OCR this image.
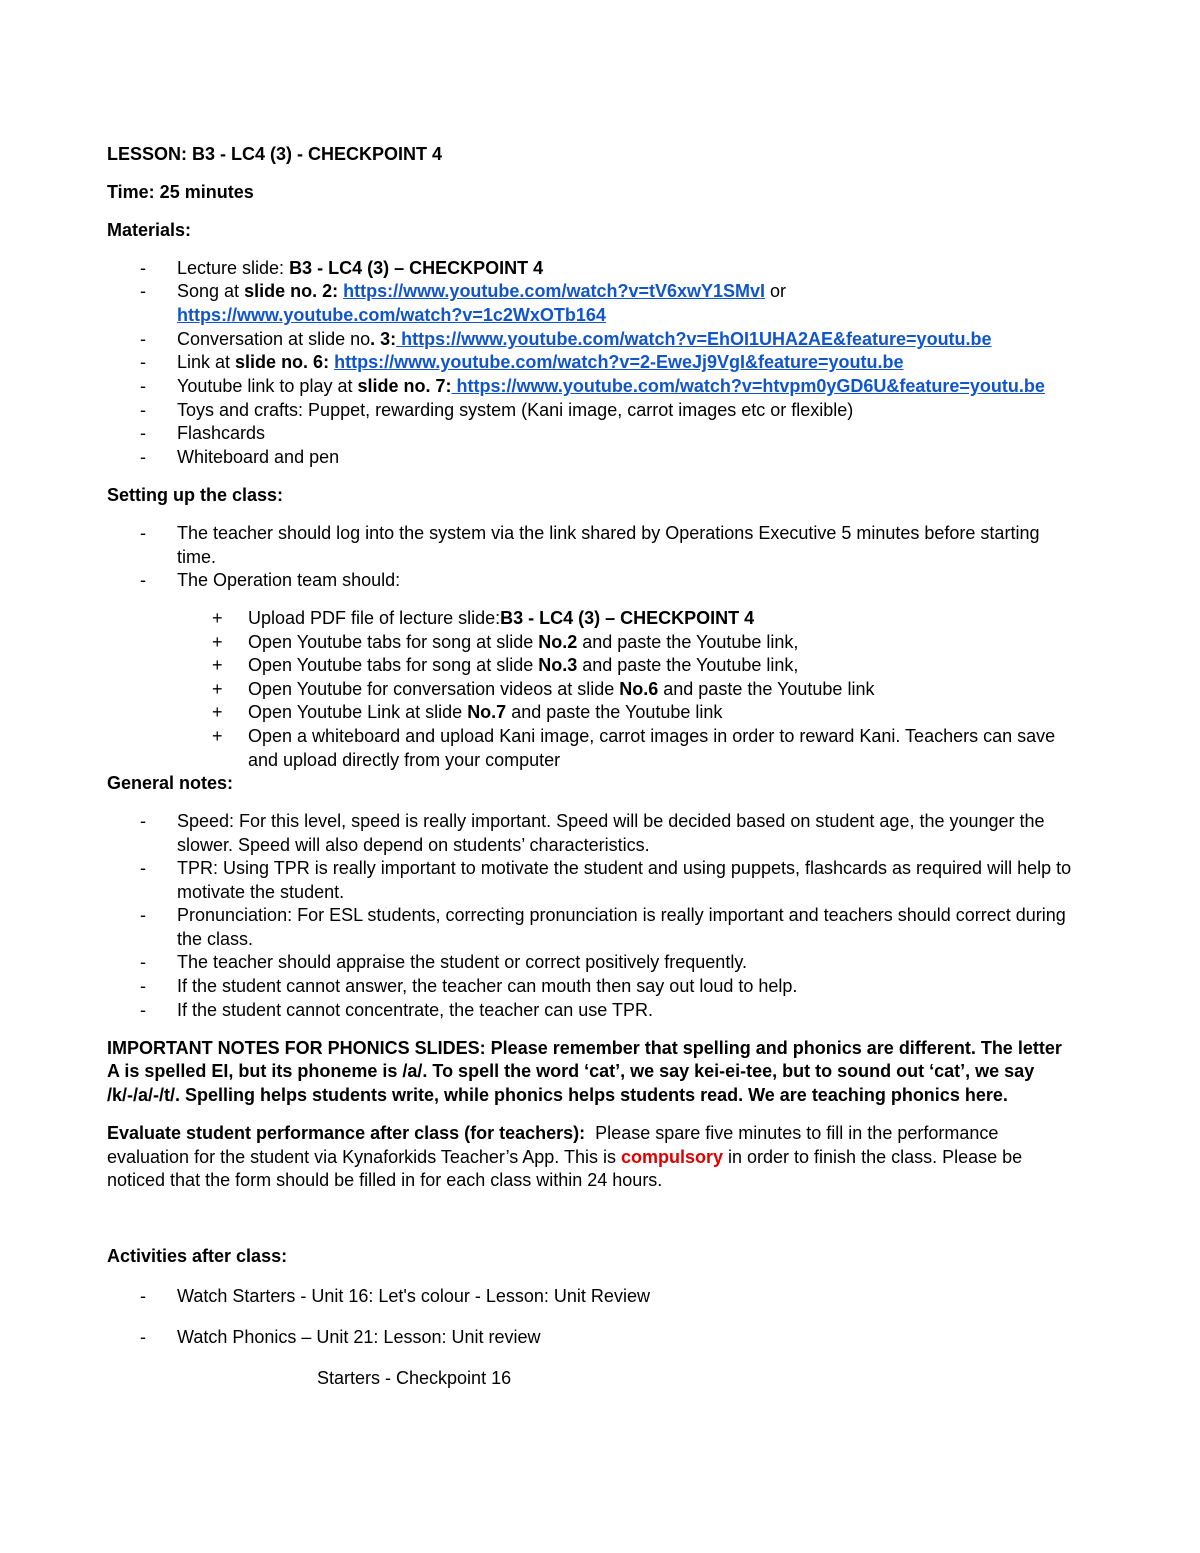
LESSON: B3 - LC4 (3) - CHECKPOINT 4
Time: 25 minutes
Materials:
- Lecture slide: B3 - LC4 (3) – CHECKPOINT 4
- Song at slide no. 2: https://www.youtube.com/watch?v=tV6xwY1SMvI or
https://www.youtube.com/watch?v=1c2WxOTb164
- Conversation at slide no. 3: https://www.youtube.com/watch?v=EhOI1UHA2AE&feature=youtu.be
- Link at slide no. 6: https://www.youtube.com/watch?v=2-EweJj9VgI&feature=youtu.be
- Youtube link to play at slide no. 7: https://www.youtube.com/watch?v=htvpm0yGD6U&feature=youtu.be
- Toys and crafts: Puppet, rewarding system (Kani image, carrot images etc or flexible)
- Flashcards
- Whiteboard and pen
Setting up the class:
- The teacher should log into the system via the link shared by Operations Executive 5 minutes before starting
time.
- The Operation team should:
+ Upload PDF file of lecture slide:B3 - LC4 (3) – CHECKPOINT 4
+ Open Youtube tabs for song at slide No.2 and paste the Youtube link,
+ Open Youtube tabs for song at slide No.3 and paste the Youtube link,
+ Open Youtube for conversation videos at slide No.6 and paste the Youtube link
+ Open Youtube Link at slide No.7 and paste the Youtube link
+ Open a whiteboard and upload Kani image, carrot images in order to reward Kani. Teachers can save
and upload directly from your computer
General notes:
- Speed: For this level, speed is really important. Speed will be decided based on student age, the younger the
slower. Speed will also depend on students’ characteristics.
- TPR: Using TPR is really important to motivate the student and using puppets, flashcards as required will help to
motivate the student.
- Pronunciation: For ESL students, correcting pronunciation is really important and teachers should correct during
the class.
- The teacher should appraise the student or correct positively frequently.
- If the student cannot answer, the teacher can mouth then say out loud to help.
- If the student cannot concentrate, the teacher can use TPR.
IMPORTANT NOTES FOR PHONICS SLIDES: Please remember that spelling and phonics are different. The letter
A is spelled EI, but its phoneme is /a/. To spell the word ‘cat’, we say kei-ei-tee, but to sound out ‘cat’, we say
/k/-/a/-/t/. Spelling helps students write, while phonics helps students read. We are teaching phonics here.
Evaluate student performance after class (for teachers):  Please spare five minutes to fill in the performance
evaluation for the student via Kynaforkids Teacher’s App. This is compulsory in order to finish the class. Please be
noticed that the form should be filled in for each class within 24 hours.
Activities after class:
- Watch Starters - Unit 16: Let's colour - Lesson: Unit Review
- Watch Phonics – Unit 21: Lesson: Unit review
Starters - Checkpoint 16
